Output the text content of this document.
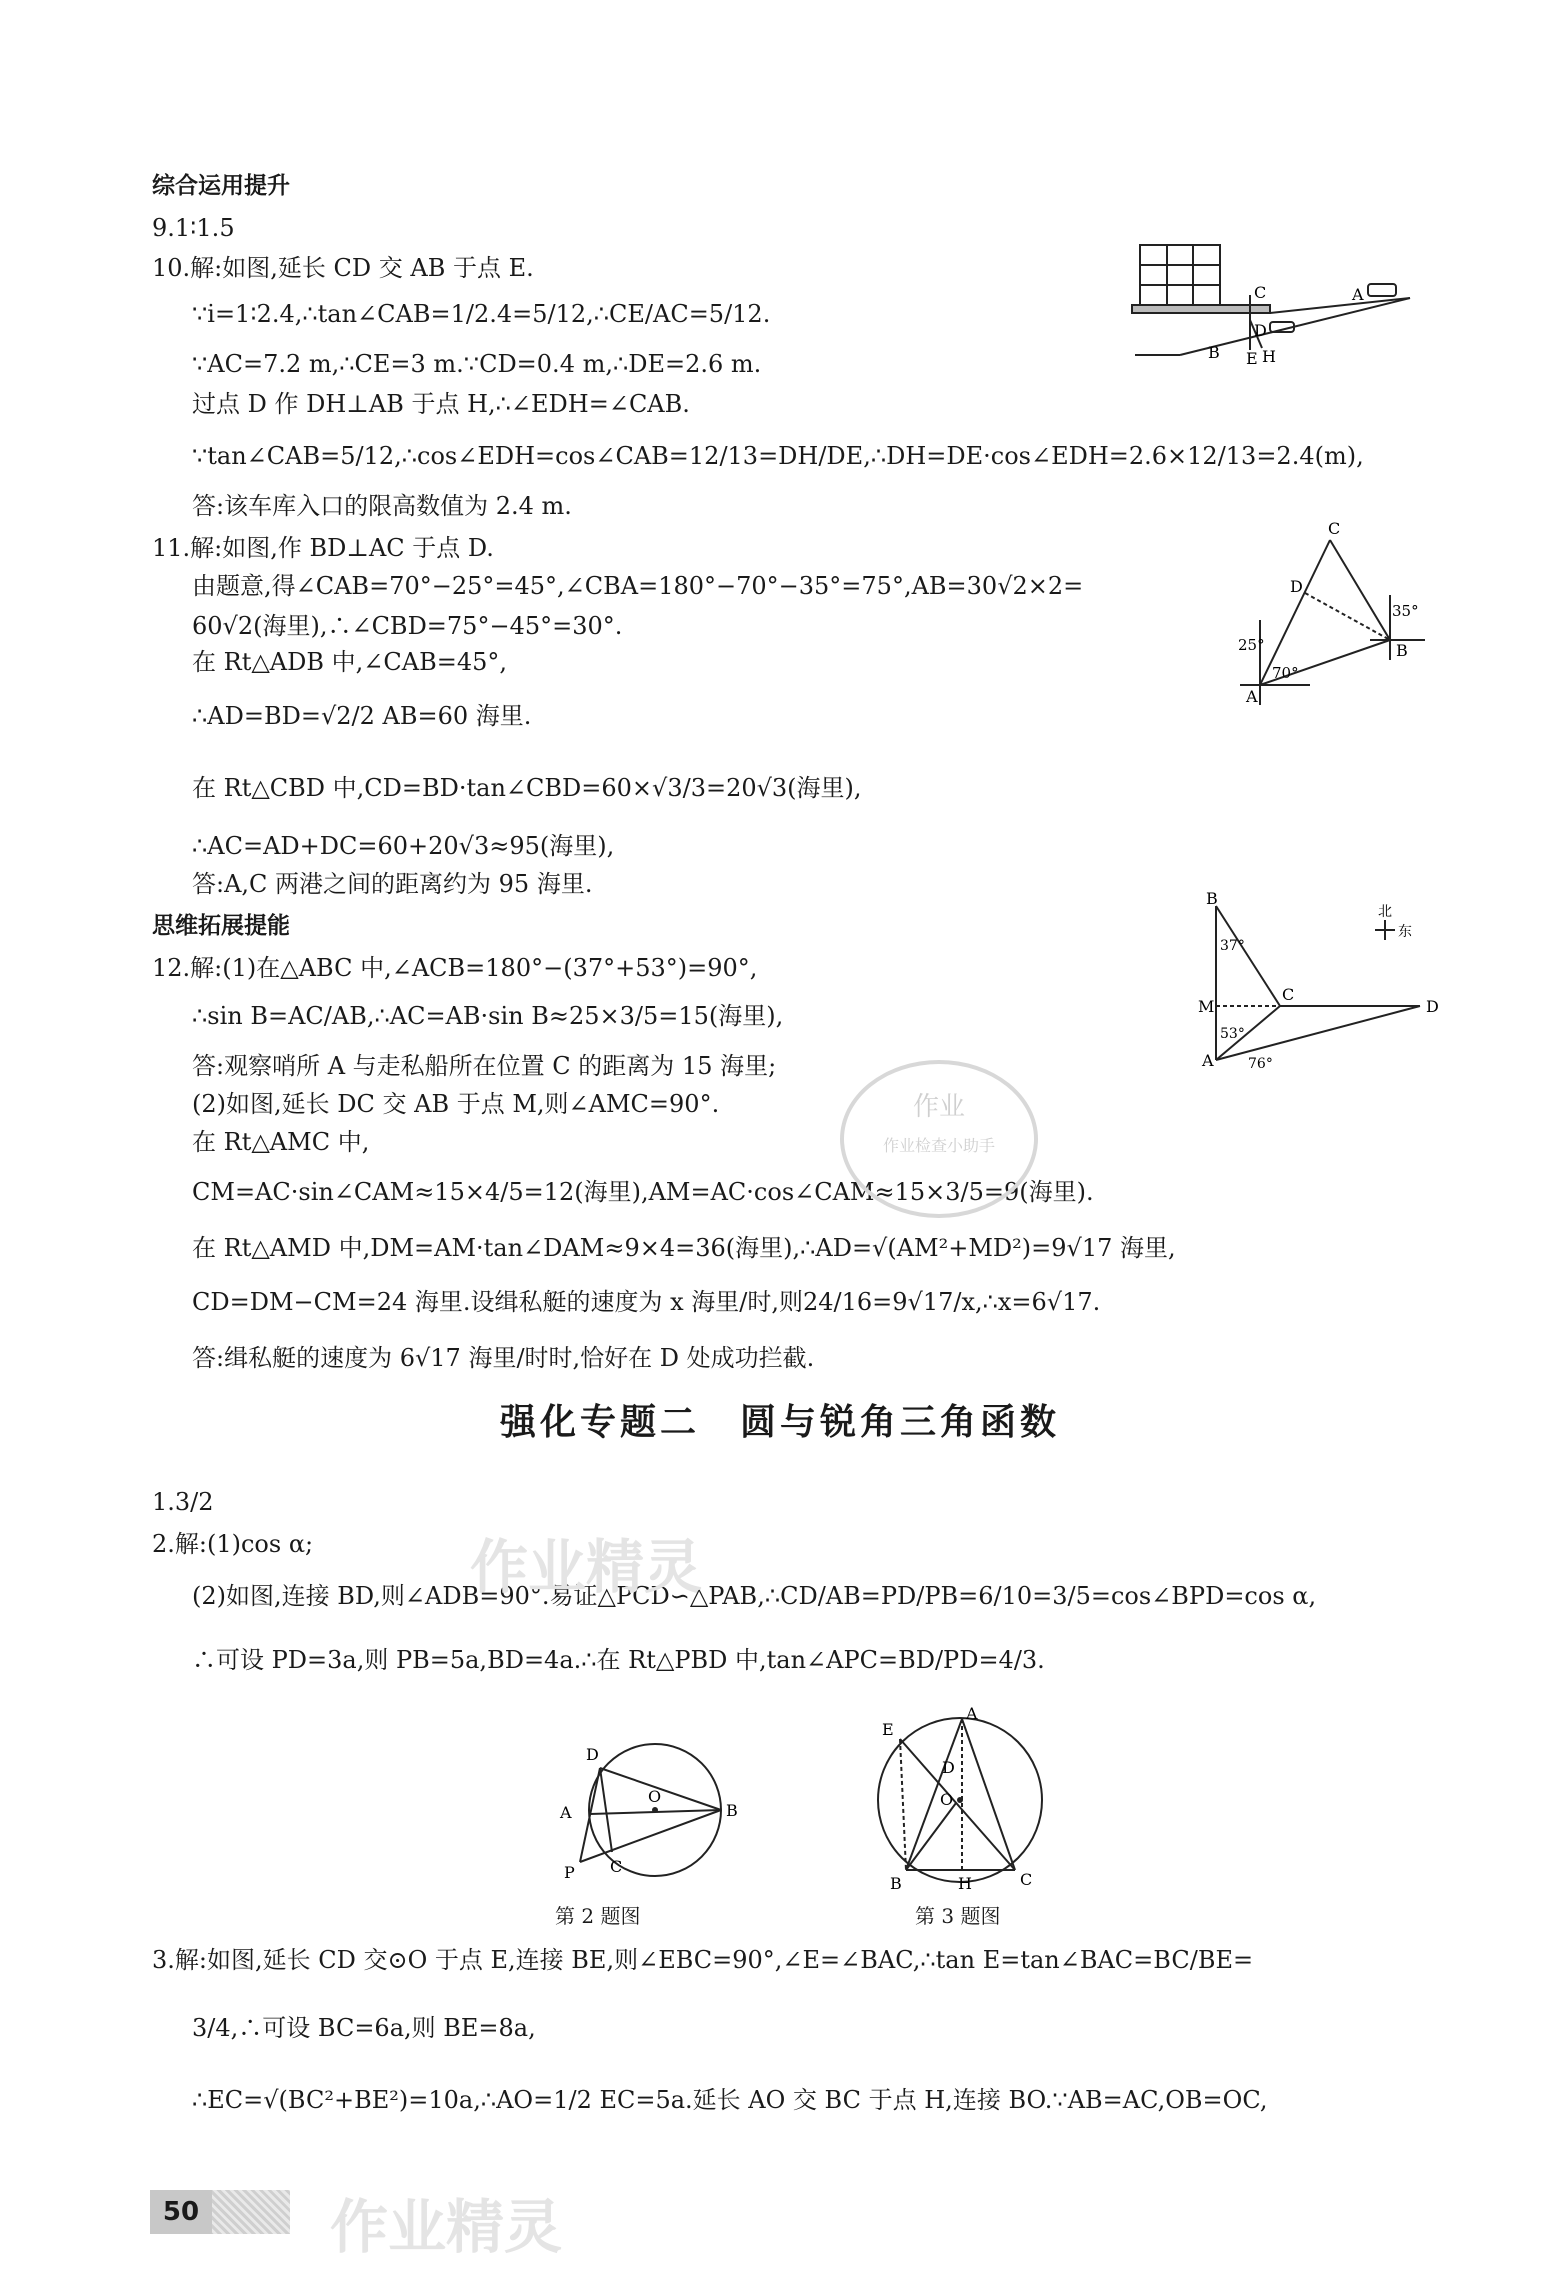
综合运用提升
9.1∶1.5
10.解:如图,延长 CD 交 AB 于点 E.
∵i=1∶2.4,∴tan∠CAB=1/2.4=5/12,∴CE/AC=5/12.
∵AC=7.2 m,∴CE=3 m.∵CD=0.4 m,∴DE=2.6 m.
过点 D 作 DH⊥AB 于点 H,∴∠EDH=∠CAB.
∵tan∠CAB=5/12,∴cos∠EDH=cos∠CAB=12/13=DH/DE,∴DH=DE·cos∠EDH=2.6×12/13=2.4(m),
答:该车库入口的限高数值为 2.4 m.
11.解:如图,作 BD⊥AC 于点 D.
由题意,得∠CAB=70°−25°=45°,∠CBA=180°−70°−35°=75°,AB=30√2×2=
60√2(海里),∴∠CBD=75°−45°=30°.
在 Rt△ADB 中,∠CAB=45°,
∴AD=BD=√2/2 AB=60 海里.
在 Rt△CBD 中,CD=BD·tan∠CBD=60×√3/3=20√3(海里),
∴AC=AD+DC=60+20√3≈95(海里),
答:A,C 两港之间的距离约为 95 海里.
思维拓展提能
12.解:(1)在△ABC 中,∠ACB=180°−(37°+53°)=90°,
∴sin B=AC/AB,∴AC=AB·sin B≈25×3/5=15(海里),
答:观察哨所 A 与走私船所在位置 C 的距离为 15 海里;
(2)如图,延长 DC 交 AB 于点 M,则∠AMC=90°.
在 Rt△AMC 中,
CM=AC·sin∠CAM≈15×4/5=12(海里),AM=AC·cos∠CAM≈15×3/5=9(海里).
在 Rt△AMD 中,DM=AM·tan∠DAM≈9×4=36(海里),∴AD=√(AM²+MD²)=9√17 海里,
CD=DM−CM=24 海里.设缉私艇的速度为 x 海里/时,则24/16=9√17/x,∴x=6√17.
答:缉私艇的速度为 6√17 海里/时时,恰好在 D 处成功拦截.
强化专题二　圆与锐角三角函数
1.3/2
2.解:(1)cos α;
(2)如图,连接 BD,则∠ADB=90°.易证△PCD∽△PAB,∴CD/AB=PD/PB=6/10=3/5=cos∠BPD=cos α,
∴可设 PD=3a,则 PB=5a,BD=4a.∴在 Rt△PBD 中,tan∠APC=BD/PD=4/3.
3.解:如图,延长 CD 交⊙O 于点 E,连接 BE,则∠EBC=90°,∠E=∠BAC,∴tan E=tan∠BAC=BC/BE=
3/4,∴可设 BC=6a,则 BE=8a,
∴EC=√(BC²+BE²)=10a,∴AO=1/2 EC=5a.延长 AO 交 BC 于点 H,连接 BO.∵AB=AC,OB=OC,
C	A
D
B E H
C
D
B
A
35°
25°
70°
B
M
C
D
A
37°
53°
76°
北
东
D
O
A	B
P C
第 2 题图
E
A
D
O
B	H	C
第 3 题图
作业精灵
作业精灵
作业
作业检查小助手
50
